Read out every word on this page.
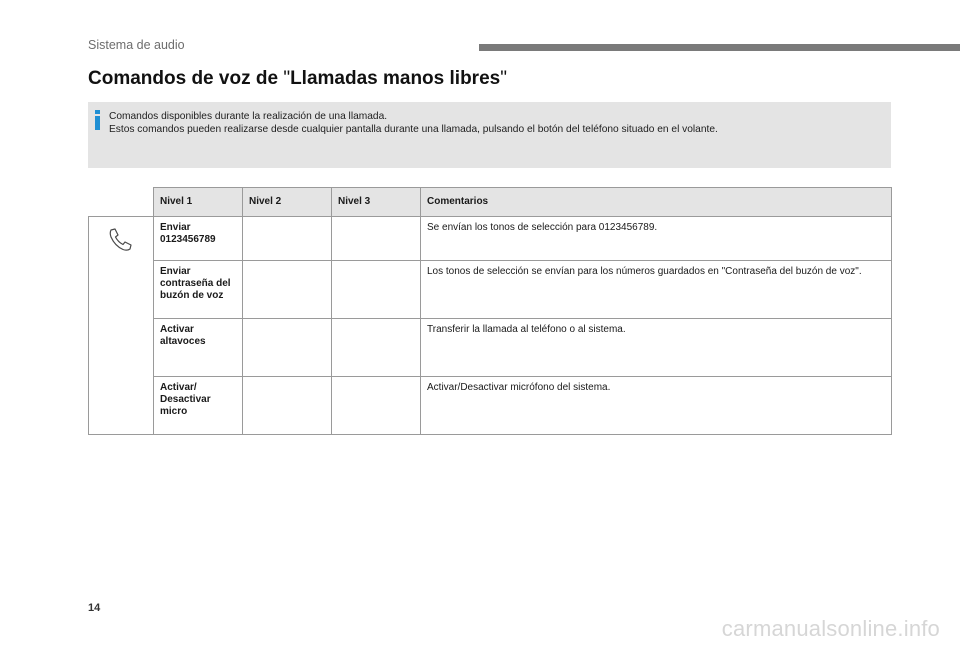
Sistema de audio
Comandos de voz de "Llamadas manos libres"
Comandos disponibles durante la realización de una llamada.
Estos comandos pueden realizarse desde cualquier pantalla durante una llamada, pulsando el botón del teléfono situado en el volante.
	Nivel 1	Nivel 2	Nivel 3	Comentarios

	Enviar 0123456789			Se envían los tonos de selección para 0123456789.
	Enviar contraseña del buzón de voz			Los tonos de selección se envían para los números guardados en "Contraseña del buzón de voz".
	Activar altavoces			Transferir la llamada al teléfono o al sistema.
	Activar/ Desactivar micro			Activar/Desactivar micrófono del sistema.
14
carmanualsonline.info
